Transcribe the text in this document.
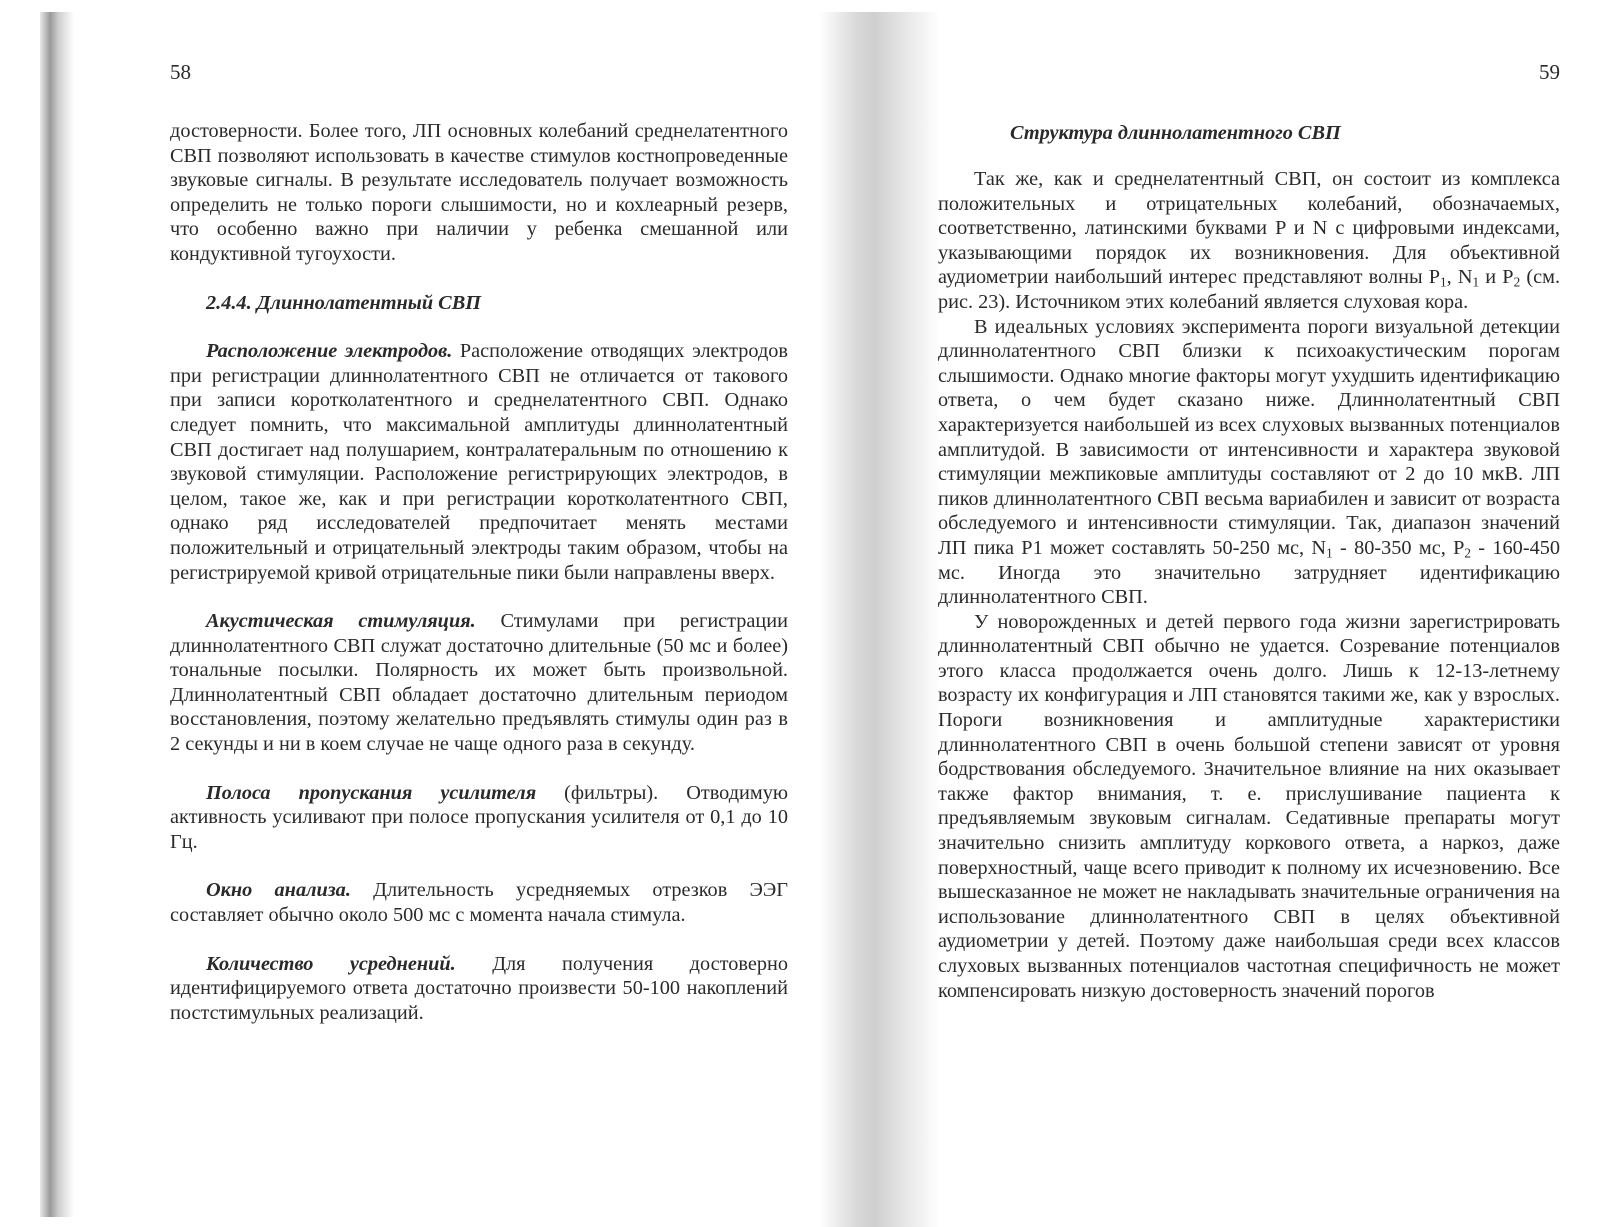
58

достоверности. Более того, ЛП основных колебаний среднелатентного СВП позволяют использовать в качестве стимулов костнопроведенные звуковые сигналы. В результате исследователь получает возможность определить не только пороги слышимости, но и кохлеарный резерв, что особенно важно при наличии у ребенка смешанной или кондуктивной тугоухости.

2.4.4. Длиннолатентный СВП

Расположение электродов. Расположение отводящих электродов при регистрации длиннолатентного СВП не отличается от такового при записи коротколатентного и среднелатентного СВП. Однако следует помнить, что максимальной амплитуды длиннолатентный СВП достигает над полушарием, контралатеральным по отношению к звуковой стимуляции. Расположение регистрирующих электродов, в целом, такое же, как и при регистрации коротколатентного СВП, однако ряд исследователей предпочитает менять местами положительный и отрицательный электроды таким образом, чтобы на регистрируемой кривой отрицательные пики были направлены вверх.

Акустическая стимуляция. Стимулами при регистрации длиннолатентного СВП служат достаточно длительные (50 мс и более) тональные посылки. Полярность их может быть произвольной. Длиннолатентный СВП обладает достаточно длительным периодом восстановления, поэтому желательно предъявлять стимулы один раз в 2 секунды и ни в коем случае не чаще одного раза в секунду.

Полоса пропускания усилителя (фильтры). Отводимую активность усиливают при полосе пропускания усилителя от 0,1 до 10 Гц.

Окно анализа. Длительность усредняемых отрезков ЭЭГ составляет обычно около 500 мс с момента начала стимула.

Количество усреднений. Для получения достоверно идентифицируемого ответа достаточно произвести 50-100 накоплений постстимульных реализаций.

59
Структура длиннолатентного СВП

Так же, как и среднелатентный СВП, он состоит из комплекса положительных и отрицательных колебаний, обозначаемых, соответственно, латинскими буквами P и N с цифровыми индексами, указывающими порядок их возникновения. Для объективной аудиометрии наибольший интерес представляют волны $P_1$, $N_1$ и $P_2$ (см. рис. 23). Источником этих колебаний является слуховая кора.

В идеальных условиях эксперимента пороги визуальной детекции длиннолатентного СВП близки к психоакустическим порогам слышимости. Однако многие факторы могут ухудшить идентификацию ответа, о чем будет сказано ниже. Длиннолатентный СВП характеризуется наибольшей из всех слуховых вызванных потенциалов амплитудой. В зависимости от интенсивности и характера звуковой стимуляции межпиковые амплитуды составляют от 2 до 10 мкВ. ЛП пиков длиннолатентного СВП весьма вариабилен и зависит от возраста обследуемого и интенсивности стимуляции. Так, диапазон значений ЛП пика P1 может составлять 50-250 мс, $N_1 - 80-350$ мс, $P_2 - 160-450$ мс. Иногда это значительно затрудняет идентификацию длиннолатентного СВП.

У новорожденных и детей первого года жизни зарегистрировать длиннолатентный СВП обычно не удается. Созревание потенциалов этого класса продолжается очень долго. Лишь к 12-13-летнему возрасту их конфигурация и ЛП становятся такими же, как у взрослых. Пороги возникновения и амплитудные характеристики длиннолатентного СВП в очень большой степени зависят от уровня бодрствования обследуемого. Значительное влияние на них оказывает также фактор внимания, т. е. прислушивание пациента к предъявляемым звуковым сигналам. Седативные препараты могут значительно снизить амплитуду коркового ответа, а наркоз, даже поверхностный, чаще всего приводит к полному их исчезновению. Все вышесказанное не может не накладывать значительные ограничения на использование длиннолатентного СВП в целях объективной аудиометрии у детей. Поэтому даже наибольшая среди всех классов слуховых вызванных потенциалов частотная специфичность не может компенсировать низкую достоверность значений порогов
